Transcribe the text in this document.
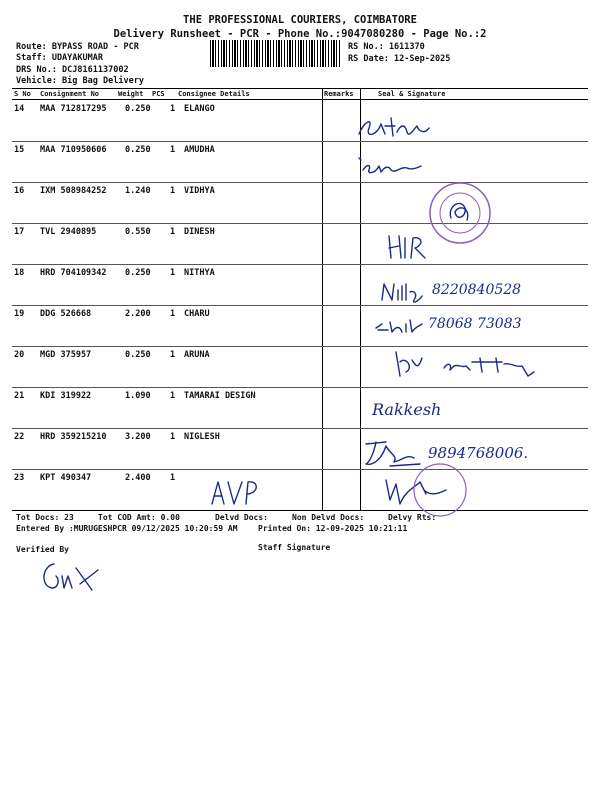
THE PROFESSIONAL COURIERS, COIMBATORE
Delivery Runsheet - PCR - Phone No.:9047080280 - Page No.:2
Route: BYPASS ROAD - PCR
Staff: UDAYAKUMAR
DRS No.: DCJ8161137002
Vehicle: Big Bag Delivery
RS No.: 1611370
RS Date: 12-Sep-2025
S No Consignment No	Weight PCS Consignee Details	Remarks	Seal & Signature
14 MAA 712817295 0.250 1 ELANGO
15 MAA 710950606 0.250 1 AMUDHA
16 IXM 508984252 1.240 1 VIDHYA
17 TVL 2940895	0.550 1 DINESH
18 HRD 704109342 0.250 1 NITHYA
19 DDG 526668	2.200 1 CHARU
20 MGD 375957	0.250 1 ARUNA
21 KDI 319922	1.090 1 TAMARAI DESIGN
22 HRD 359215210 3.200 1 NIGLESH
23 KPT 490347	2.400 1
8220840528
78068 73083
Rakkesh
9894768006.
Tot Docs: 23	Tot COD Amt: 0.00	Delvd Docs:	Non Delvd Docs:	Delvy Rts:
Entered By :MURUGESHPCR 09/12/2025 10:20:59 AM	Printed On: 12-09-2025 10:21:11
Verified By	Staff Signature
